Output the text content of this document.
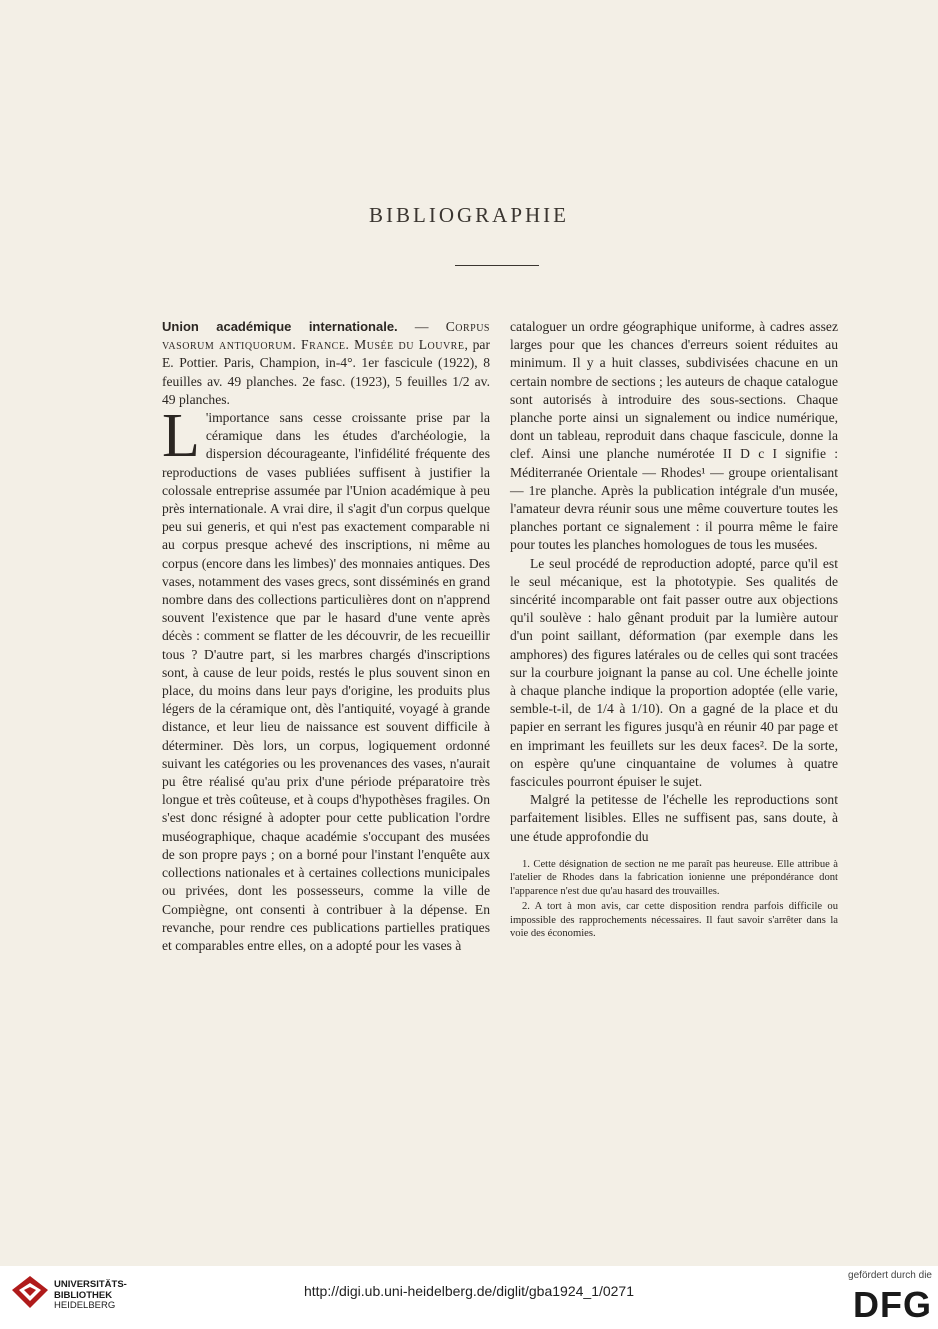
BIBLIOGRAPHIE

Union académique internationale. — Corpus vasorum antiquorum. France. Musée du Louvre, par E. Pottier. Paris, Champion, in-4°. 1er fascicule (1922), 8 feuilles av. 49 planches. 2e fasc. (1923), 5 feuilles 1/2 av. 49 planches.

L 'importance sans cesse croissante prise par la céramique dans les études d'archéologie, la dispersion décourageante, l'infidélité fréquente des reproductions de vases publiées suffisent à justifier la colossale entreprise assumée par l'Union académique à peu près internationale. A vrai dire, il s'agit d'un corpus quelque peu sui generis, et qui n'est pas exactement comparable ni au corpus presque achevé des inscriptions, ni même au corpus (encore dans les limbes)' des monnaies antiques. Des vases, notamment des vases grecs, sont disséminés en grand nombre dans des collections particulières dont on n'apprend souvent l'existence que par le hasard d'une vente après décès : comment se flatter de les découvrir, de les recueillir tous ? D'autre part, si les marbres chargés d'inscriptions sont, à cause de leur poids, restés le plus souvent sinon en place, du moins dans leur pays d'origine, les produits plus légers de la céramique ont, dès l'antiquité, voyagé à grande distance, et leur lieu de naissance est souvent difficile à déterminer. Dès lors, un corpus, logiquement ordonné suivant les catégories ou les provenances des vases, n'aurait pu être réalisé qu'au prix d'une période préparatoire très longue et très coûteuse, et à coups d'hypothèses fragiles. On s'est donc résigné à adopter pour cette publication l'ordre muséographique, chaque académie s'occupant des musées de son propre pays ; on a borné pour l'instant l'enquête aux collections nationales et à certaines collections municipales ou privées, dont les possesseurs, comme la ville de Compiègne, ont consenti à contribuer à la dépense. En revanche, pour rendre ces publications partielles pratiques et comparables entre elles, on a adopté pour les vases à

cataloguer un ordre géographique uniforme, à cadres assez larges pour que les chances d'erreurs soient réduites au minimum. Il y a huit classes, subdivisées chacune en un certain nombre de sections ; les auteurs de chaque catalogue sont autorisés à introduire des sous-sections. Chaque planche porte ainsi un signalement ou indice numérique, dont un tableau, reproduit dans chaque fascicule, donne la clef. Ainsi une planche numérotée II D c I signifie : Méditerranée Orientale — Rhodes¹ — groupe orientalisant — 1re planche. Après la publication intégrale d'un musée, l'amateur devra réunir sous une même couverture toutes les planches portant ce signalement : il pourra même le faire pour toutes les planches homologues de tous les musées.

Le seul procédé de reproduction adopté, parce qu'il est le seul mécanique, est la phototypie. Ses qualités de sincérité incomparable ont fait passer outre aux objections qu'il soulève : halo gênant produit par la lumière autour d'un point saillant, déformation (par exemple dans les amphores) des figures latérales ou de celles qui sont tracées sur la courbure joignant la panse au col. Une échelle jointe à chaque planche indique la proportion adoptée (elle varie, semble-t-il, de 1/4 à 1/10). On a gagné de la place et du papier en serrant les figures jusqu'à en réunir 40 par page et en imprimant les feuillets sur les deux faces². De la sorte, on espère qu'une cinquantaine de volumes à quatre fascicules pourront épuiser le sujet.

Malgré la petitesse de l'échelle les reproductions sont parfaitement lisibles. Elles ne suffisent pas, sans doute, à une étude approfondie du

1. Cette désignation de section ne me paraît pas heureuse. Elle attribue à l'atelier de Rhodes dans la fabrication ionienne une prépondérance dont l'apparence n'est due qu'au hasard des trouvailles.

2. A tort à mon avis, car cette disposition rendra parfois difficile ou impossible des rapprochements nécessaires. Il faut savoir s'arrêter dans la voie des économies.

UNIVERSITÄTS-
BIBLIOTHEK
HEIDELBERG
http://digi.ub.uni-heidelberg.de/diglit/gba1924_1/0271
gefördert durch die
DFG
